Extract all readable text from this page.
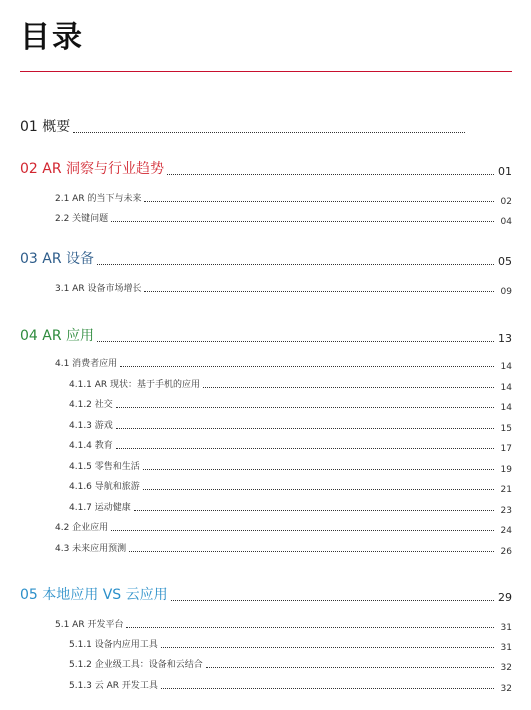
目录
01 概要
02 AR 洞察与行业趋势	01
2.1 AR 的当下与未来	02
2.2 关键问题	04
03 AR 设备	05
3.1 AR 设备市场增长	09
04 AR 应用	13
4.1 消费者应用	14
4.1.1 AR 现状：基于手机的应用	14
4.1.2 社交	14
4.1.3 游戏	15
4.1.4 教育	17
4.1.5 零售和生活	19
4.1.6 导航和旅游	21
4.1.7 运动健康	23
4.2 企业应用	24
4.3 未来应用预测	26
05 本地应用 VS 云应用	29
5.1 AR 开发平台	31
5.1.1 设备内应用工具	31
5.1.2 企业级工具：设备和云结合	32
5.1.3 云 AR 开发工具	32
